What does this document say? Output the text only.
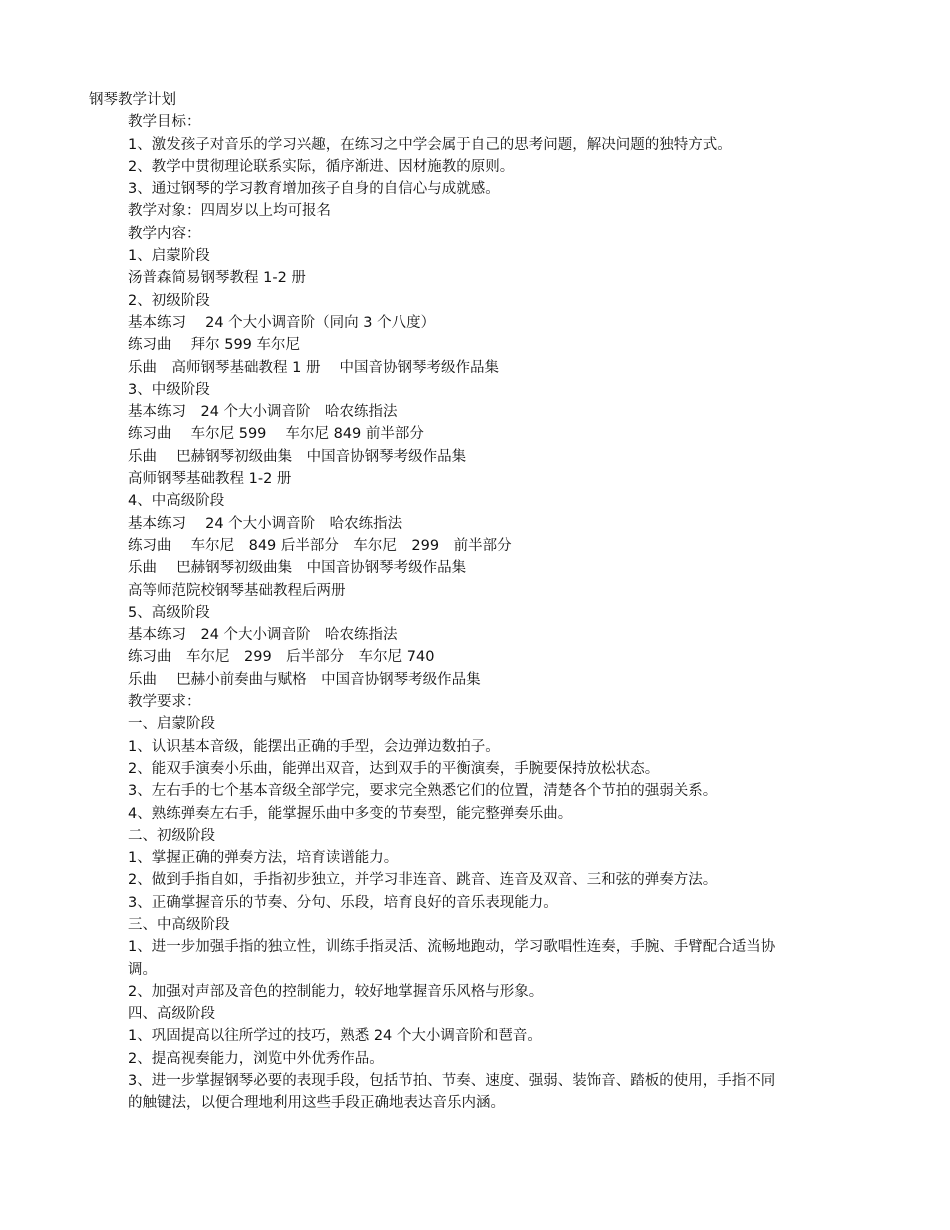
钢琴教学计划
教学目标：
1、激发孩子对音乐的学习兴趣，在练习之中学会属于自己的思考问题，解决问题的独特方式。
2、教学中贯彻理论联系实际，循序渐进、因材施教的原则。
3、通过钢琴的学习教育增加孩子自身的自信心与成就感。
教学对象：四周岁以上均可报名
教学内容：
1、启蒙阶段
汤普森简易钢琴教程 1-2 册
2、初级阶段
基本练习　 24 个大小调音阶（同向 3 个八度）
练习曲　 拜尔 599 车尔尼
乐曲　高师钢琴基础教程 1 册　 中国音协钢琴考级作品集
3、中级阶段
基本练习　24 个大小调音阶　哈农练指法
练习曲　 车尔尼 599　 车尔尼 849 前半部分
乐曲　 巴赫钢琴初级曲集　中国音协钢琴考级作品集
高师钢琴基础教程 1-2 册
4、中高级阶段
基本练习　 24 个大小调音阶　哈农练指法
练习曲　 车尔尼　849 后半部分　车尔尼　299　前半部分
乐曲　 巴赫钢琴初级曲集　中国音协钢琴考级作品集
高等师范院校钢琴基础教程后两册
5、高级阶段
基本练习　24 个大小调音阶　哈农练指法
练习曲　车尔尼　299　后半部分　车尔尼 740
乐曲　 巴赫小前奏曲与赋格　中国音协钢琴考级作品集
教学要求：
一、启蒙阶段
1、认识基本音级，能摆出正确的手型，会边弹边数拍子。
2、能双手演奏小乐曲，能弹出双音，达到双手的平衡演奏，手腕要保持放松状态。
3、左右手的七个基本音级全部学完，要求完全熟悉它们的位置，清楚各个节拍的强弱关系。
4、熟练弹奏左右手，能掌握乐曲中多变的节奏型，能完整弹奏乐曲。
二、初级阶段
1、掌握正确的弹奏方法，培育读谱能力。
2、做到手指自如，手指初步独立，并学习非连音、跳音、连音及双音、三和弦的弹奏方法。
3、正确掌握音乐的节奏、分句、乐段，培育良好的音乐表现能力。
三、中高级阶段
1、进一步加强手指的独立性，训练手指灵活、流畅地跑动，学习歌唱性连奏，手腕、手臂配合适当协调。
2、加强对声部及音色的控制能力，较好地掌握音乐风格与形象。
四、高级阶段
1、巩固提高以往所学过的技巧，熟悉 24 个大小调音阶和琶音。
2、提高视奏能力，浏览中外优秀作品。
3、进一步掌握钢琴必要的表现手段，包括节拍、节奏、速度、强弱、装饰音、踏板的使用，手指不同的触键法，以便合理地利用这些手段正确地表达音乐内涵。
